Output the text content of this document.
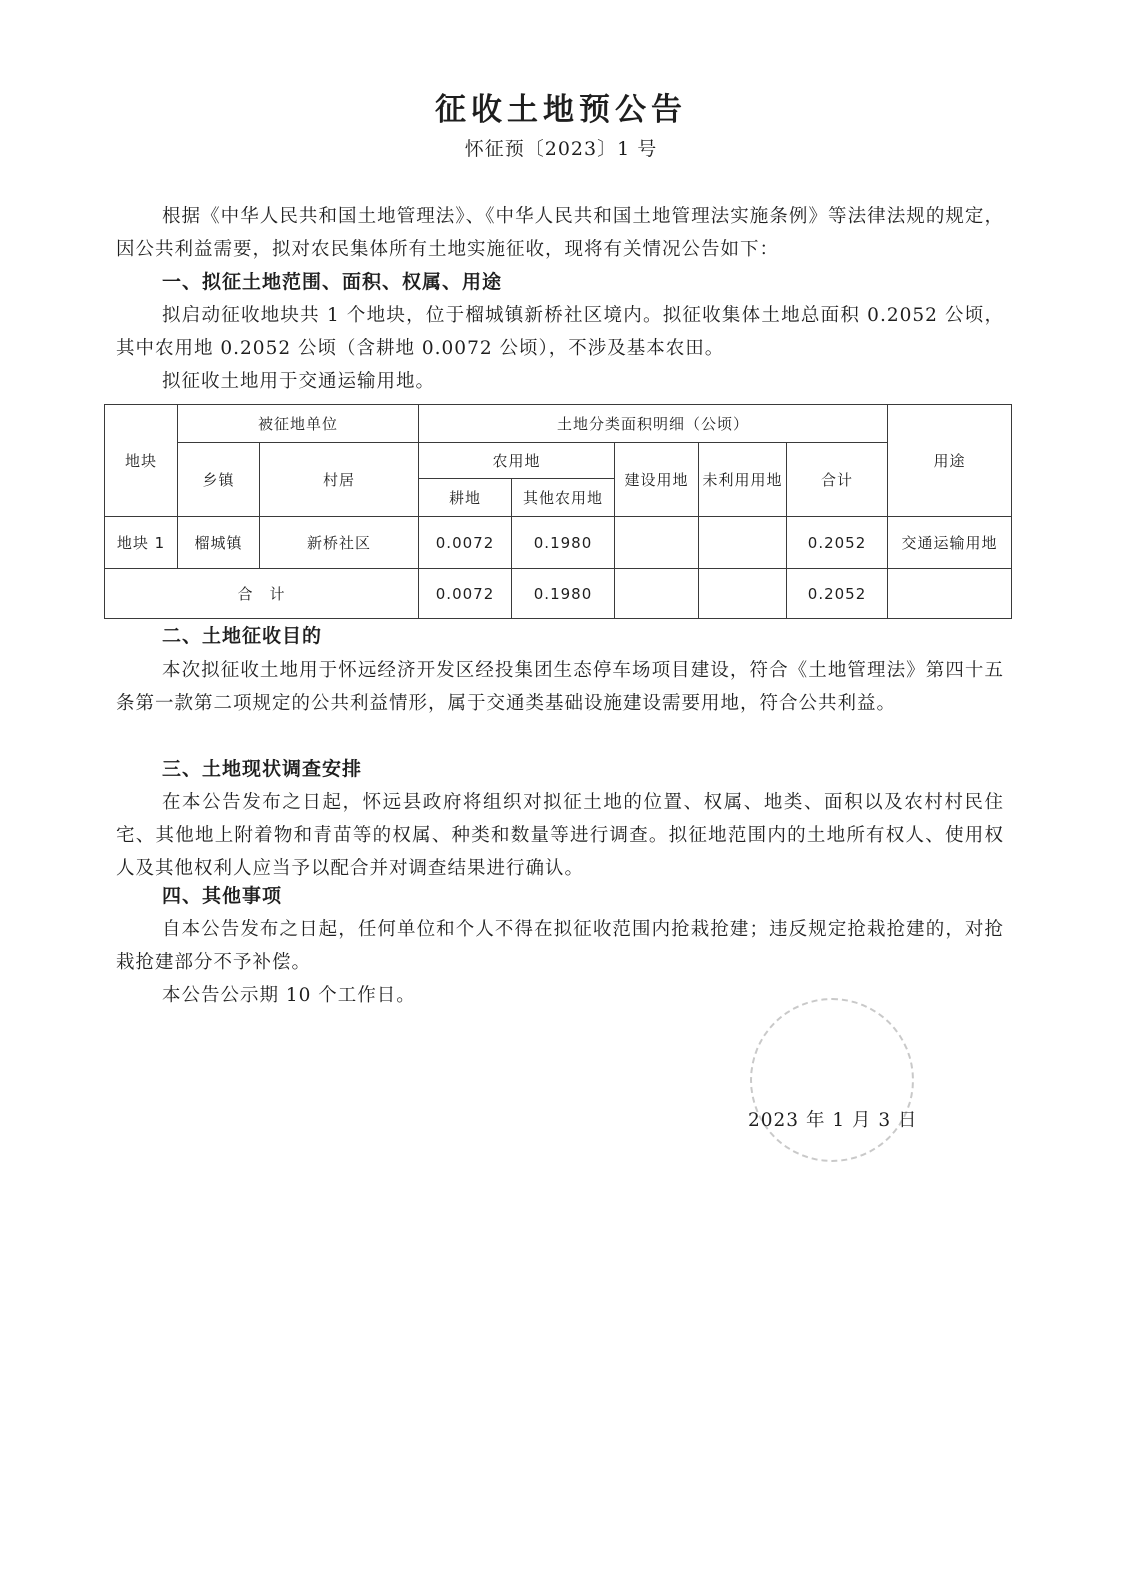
征收土地预公告
怀征预〔2023〕1 号

根据《中华人民共和国土地管理法》、《中华人民共和国土地管理法实施条例》等法律法规的规定，因公共利益需要，拟对农民集体所有土地实施征收，现将有关情况公告如下：

一、拟征土地范围、面积、权属、用途

拟启动征收地块共 1 个地块，位于榴城镇新桥社区境内。拟征收集体土地总面积 0.2052 公顷，其中农用地 0.2052 公顷（含耕地 0.0072 公顷），不涉及基本农田。

拟征收土地用于交通运输用地。

地块	被征地单位		土地分类面积明细（公顷）					用途
	乡镇	村居	农用地		建设用地	未利用用地	合计	
			耕地	其他农用地				
地块 1	榴城镇	新桥社区	0.0072	0.1980			0.2052	交通运输用地
合　计			0.0072	0.1980			0.2052	
二、土地征收目的

本次拟征收土地用于怀远经济开发区经投集团生态停车场项目建设，符合《土地管理法》第四十五条第一款第二项规定的公共利益情形，属于交通类基础设施建设需要用地，符合公共利益。

三、土地现状调查安排

在本公告发布之日起，怀远县政府将组织对拟征土地的位置、权属、地类、面积以及农村村民住宅、其他地上附着物和青苗等的权属、种类和数量等进行调查。拟征地范围内的土地所有权人、使用权人及其他权利人应当予以配合并对调查结果进行确认。

四、其他事项

自本公告发布之日起，任何单位和个人不得在拟征收范围内抢栽抢建；违反规定抢栽抢建的，对抢栽抢建部分不予补偿。

本公告公示期 10 个工作日。

2023 年 1 月 3 日
